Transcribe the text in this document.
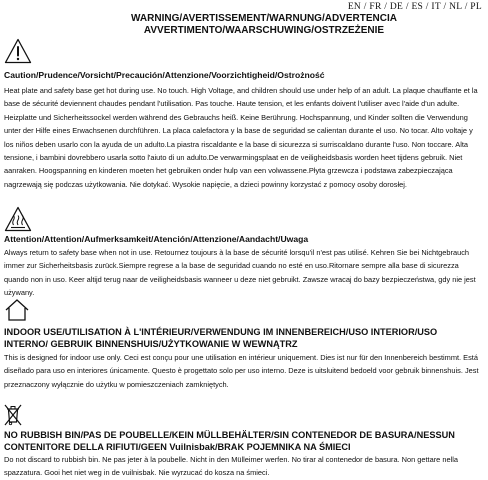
EN / FR / DE / ES / IT / NL / PL
WARNING/AVERTISSEMENT/WARNUNG/ADVERTENCIA
AVVERTIMENTO/WAARSCHUWING/OSTRZEŻENIE
Caution/Prudence/Vorsicht/Precaución/Attenzione/Voorzichtigheid/Ostrożność
Heat plate and safety base get hot during use. No touch. High Voltage, and children should use under help of an adult. La plaque chauffante et la base de sécurité deviennent chaudes pendant l'utilisation. Pas touche. Haute tension, et les enfants doivent l'utiliser avec l'aide d'un adulte. Heizplatte und Sicherheitssockel werden während des Gebrauchs heiß. Keine Berührung. Hochspannung, und Kinder sollten die Verwendung unter der Hilfe eines Erwachsenen durchführen. La placa calefactora y la base de seguridad se calientan durante el uso. No tocar. Alto voltaje y los niños deben usarlo con la ayuda de un adulto.La piastra riscaldante e la base di sicurezza si surriscaldano durante l'uso. Non toccare. Alta tensione, i bambini dovrebbero usarla sotto l'aiuto di un adulto.De verwarmingsplaat en de veiligheidsbasis worden heet tijdens gebruik. Niet aanraken. Hoogspanning en kinderen moeten het gebruiken onder hulp van een volwassene.Płyta grzewcza i podstawa zabezpieczająca nagrzewają się podczas użytkowania. Nie dotykać. Wysokie napięcie, a dzieci powinny korzystać z pomocy osoby dorosłej.
Attention/Attention/Aufmerksamkeit/Atención/Attenzione/Aandacht/Uwaga
Always return to safety base when not in use. Retournez toujours à la base de sécurité lorsqu'il n'est pas utilisé. Kehren Sie bei Nichtgebrauch immer zur Sicherheitsbasis zurück.Siempre regrese a la base de seguridad cuando no esté en uso.Ritornare sempre alla base di sicurezza quando non in uso. Keer altijd terug naar de veiligheidsbasis wanneer u deze niet gebruikt. Zawsze wracaj do bazy bezpieczeństwa, gdy nie jest używany.
INDOOR USE/UTILISATION À L'INTÉRIEUR/VERWENDUNG IM INNENBEREICH/USO INTERIOR/USO
INTERNO/ GEBRUIK BINNENSHUIS/UŻYTKOWANIE W WEWNĄTRZ
This is designed for indoor use only. Ceci est conçu pour une utilisation en intérieur uniquement. Dies ist nur für den Innenbereich bestimmt. Está diseñado para uso en interiores únicamente. Questo è progettato solo per uso interno. Deze is uitsluitend bedoeld voor gebruik binnenshuis. Jest przeznaczony wyłącznie do użytku w pomieszczeniach zamkniętych.
NO RUBBISH BIN/PAS DE POUBELLE/KEIN MÜLLBEHÄLTER/SIN CONTENEDOR DE BASURA/NESSUN
CONTENITORE DELLA RIFIUTI/GEEN Vuilnisbak/BRAK POJEMNIKA NA ŚMIECI
Do not discard to rubbish bin. Ne pas jeter à la poubelle. Nicht in den Mülleimer werfen. No tirar al contenedor de basura. Non gettare nella spazzatura. Gooi het niet weg in de vuilnisbak. Nie wyrzucać do kosza na śmieci.
